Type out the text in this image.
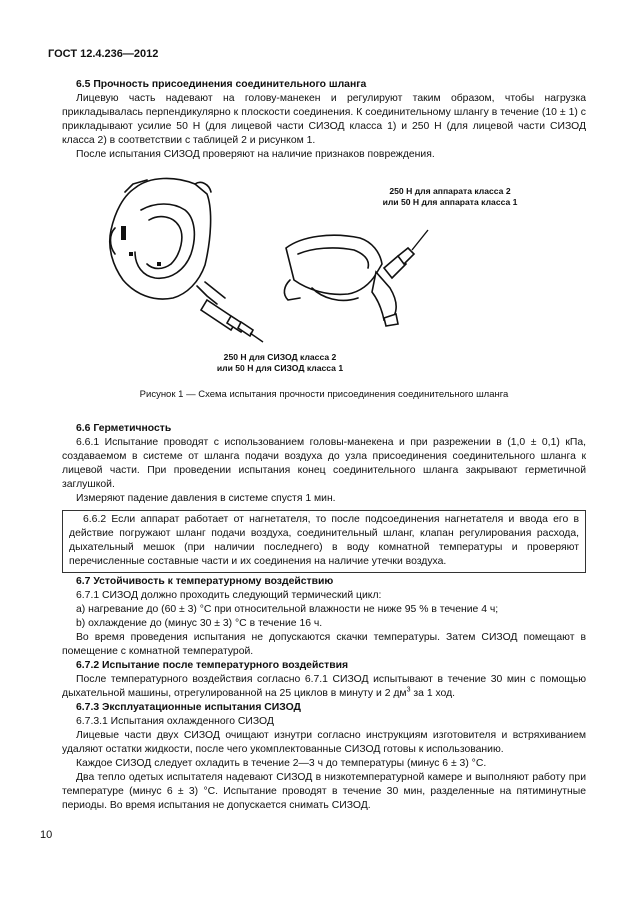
ГОСТ 12.4.236—2012

6.5 Прочность присоединения соединительного шланга

Лицевую часть надевают на голову-манекен и регулируют таким образом, чтобы нагрузка прикладывалась перпендикулярно к плоскости соединения. К соединительному шлангу в течение (10 ± 1) с прикладывают усилие 50 Н (для лицевой части СИЗОД класса 1) и 250 Н (для лицевой части СИЗОД класса 2) в соответствии с таблицей 2 и рисунком 1.

После испытания СИЗОД проверяют на наличие признаков повреждения.

250 Н для аппарата класса 2
или 50 Н для аппарата класса 1
250 Н для СИЗОД класса 2
или 50 Н для СИЗОД класса 1
Рисунок 1 — Схема испытания прочности присоединения соединительного шланга

6.6 Герметичность

6.6.1 Испытание проводят с использованием головы-манекена и при разрежении в (1,0 ± 0,1) кПа, создаваемом в системе от шланга подачи воздуха до узла присоединения соединительного шланга к лицевой части. При проведении испытания конец соединительного шланга закрывают герметичной заглушкой.

Измеряют падение давления в системе спустя 1 мин.

6.6.2 Если аппарат работает от нагнетателя, то после подсоединения нагнетателя и ввода его в действие погружают шланг подачи воздуха, соединительный шланг, клапан регулирования расхода, дыхательный мешок (при наличии последнего) в воду комнатной температуры и проверяют перечисленные составные части и их соединения на наличие утечки воздуха.

6.7 Устойчивость к температурному воздействию

6.7.1 СИЗОД должно проходить следующий термический цикл:

a) нагревание до (60 ± 3) °С при относительной влажности не ниже 95 % в течение 4 ч;

b) охлаждение до (минус 30 ± 3) °С в течение 16 ч.

Во время проведения испытания не допускаются скачки температуры. Затем СИЗОД помещают в помещение с комнатной температурой.

6.7.2 Испытание после температурного воздействия

После температурного воздействия согласно 6.7.1 СИЗОД испытывают в течение 30 мин с помощью дыхательной машины, отрегулированной на 25 циклов в минуту и 2 $дм^3$ за 1 ход.

6.7.3 Эксплуатационные испытания СИЗОД

6.7.3.1 Испытания охлажденного СИЗОД

Лицевые части двух СИЗОД очищают изнутри согласно инструкциям изготовителя и встряхиванием удаляют остатки жидкости, после чего укомплектованные СИЗОД готовы к использованию.

Каждое СИЗОД следует охладить в течение 2—3 ч до температуры (минус 6 ± 3) °С.

Два тепло одетых испытателя надевают СИЗОД в низкотемпературной камере и выполняют работу при температуре (минус 6 ± 3) °С. Испытание проводят в течение 30 мин, разделенные на пятиминутные периоды. Во время испытания не допускается снимать СИЗОД.

10
